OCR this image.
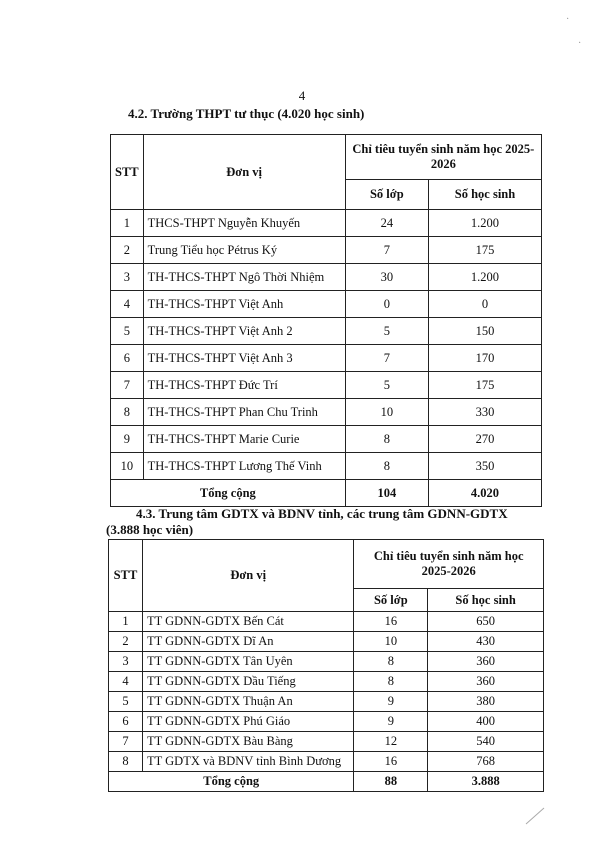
4
4.2. Trường THPT tư thục (4.020 học sinh)
STT	Đơn vị	Chỉ tiêu tuyển sinh năm học 2025-2026	
		Số lớp	Số học sinh
1	THCS-THPT Nguyễn Khuyến	24	1.200
2	Trung Tiểu học Pétrus Ký	7	175
3	TH-THCS-THPT Ngô Thời Nhiệm	30	1.200
4	TH-THCS-THPT Việt Anh	0	0
5	TH-THCS-THPT Việt Anh 2	5	150
6	TH-THCS-THPT Việt Anh 3	7	170
7	TH-THCS-THPT Đức Trí	5	175
8	TH-THCS-THPT Phan Chu Trinh	10	330
9	TH-THCS-THPT Marie Curie	8	270
10	TH-THCS-THPT Lương Thế Vinh	8	350
Tổng cộng		104	4.020
4.3. Trung tâm GDTX và BDNV tỉnh, các trung tâm GDNN-GDTX
(3.888 học viên)
STT	Đơn vị	Chỉ tiêu tuyển sinh năm học 2025-2026	
		Số lớp	Số học sinh
1	TT GDNN-GDTX Bến Cát	16	650
2	TT GDNN-GDTX Dĩ An	10	430
3	TT GDNN-GDTX Tân Uyên	8	360
4	TT GDNN-GDTX Dầu Tiếng	8	360
5	TT GDNN-GDTX Thuận An	9	380
6	TT GDNN-GDTX Phú Giáo	9	400
7	TT GDNN-GDTX Bàu Bàng	12	540
8	TT GDTX và BDNV tỉnh Bình Dương	16	768
Tổng cộng		88	3.888
·
·
